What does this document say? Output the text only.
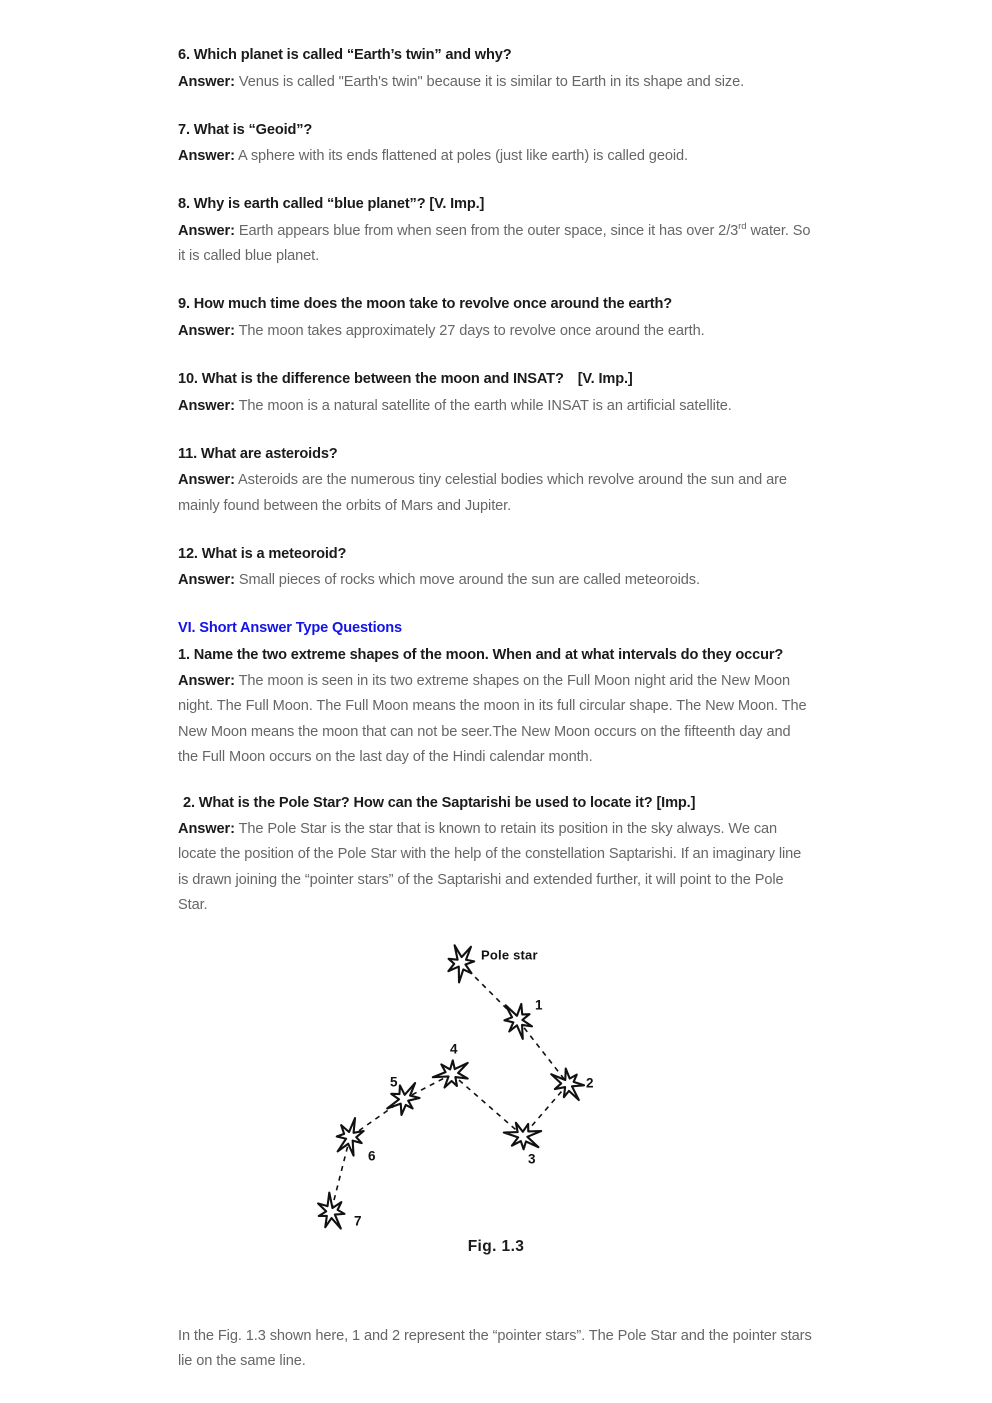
6. Which planet is called “Earth’s twin” and why?

Answer: Venus is called "Earth's twin" because it is similar to Earth in its shape and size.

7. What is “Geoid”?

Answer: A sphere with its ends flattened at poles (just like earth) is called geoid.

8. Why is earth called “blue planet”? [V. Imp.]

Answer: Earth appears blue from when seen from the outer space, since it has over 2/3rd water. So it is called blue planet.

9. How much time does the moon take to revolve once around the earth?

Answer: The moon takes approximately 27 days to revolve once around the earth.

10. What is the difference between the moon and INSAT? [V. Imp.]

Answer: The moon is a natural satellite of the earth while INSAT is an artificial satellite.

11. What are asteroids?

Answer: Asteroids are the numerous tiny celestial bodies which revolve around the sun and are mainly found between the orbits of Mars and Jupiter.

12. What is a meteoroid?

Answer: Small pieces of rocks which move around the sun are called meteoroids.

VI. Short Answer Type Questions

1. Name the two extreme shapes of the moon. When and at what intervals do they occur?

Answer: The moon is seen in its two extreme shapes on the Full Moon night arid the New Moon night. The Full Moon. The Full Moon means the moon in its full circular shape. The New Moon. The New Moon means the moon that can not be seer.The New Moon occurs on the fifteenth day and the Full Moon occurs on the last day of the Hindi calendar month.

2. What is the Pole Star? How can the Saptarishi be used to locate it? [Imp.]

Answer: The Pole Star is the star that is known to retain its position in the sky always. We can locate the position of the Pole Star with the help of the constellation Saptarishi. If an imaginary line is drawn joining the “pointer stars” of the Saptarishi and extended further, it will point to the Pole Star.

Pole star
1
2
3
4
5
6
7
Fig. 1.3

In the Fig. 1.3 shown here, 1 and 2 represent the “pointer stars”. The Pole Star and the pointer stars lie on the same line.
